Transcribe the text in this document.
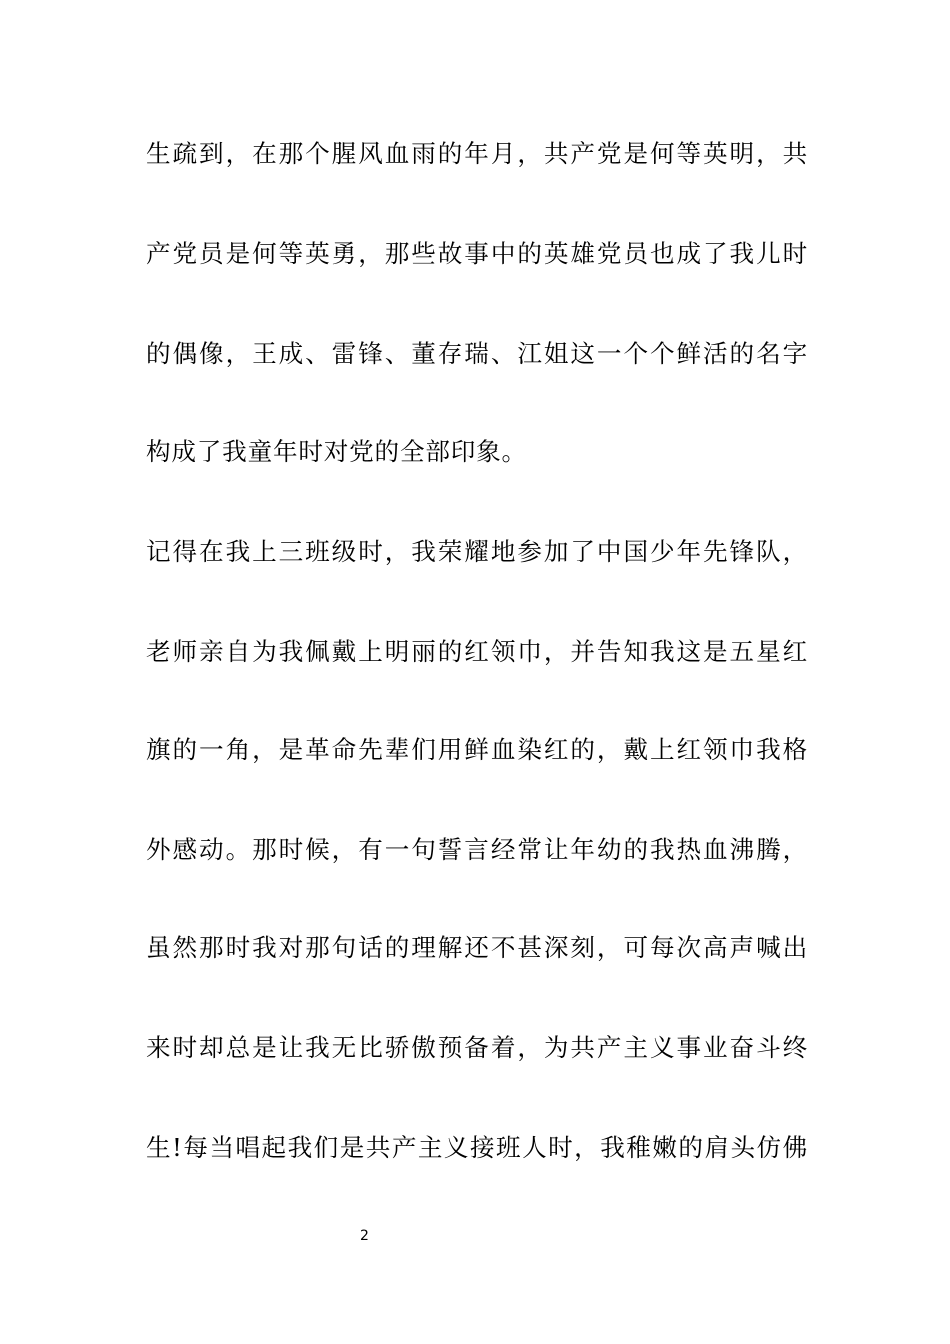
生疏到，在那个腥风血雨的年月，共产党是何等英明，共
产党员是何等英勇，那些故事中的英雄党员也成了我儿时
的偶像，王成、雷锋、董存瑞、江姐这一个个鲜活的名字
构成了我童年时对党的全部印象。
记得在我上三班级时，我荣耀地参加了中国少年先锋队，
老师亲自为我佩戴上明丽的红领巾，并告知我这是五星红
旗的一角，是革命先辈们用鲜血染红的，戴上红领巾我格
外感动。那时候，有一句誓言经常让年幼的我热血沸腾，
虽然那时我对那句话的理解还不甚深刻，可每次高声喊出
来时却总是让我无比骄傲预备着，为共产主义事业奋斗终
生!每当唱起我们是共产主义接班人时，我稚嫩的肩头仿佛
2
